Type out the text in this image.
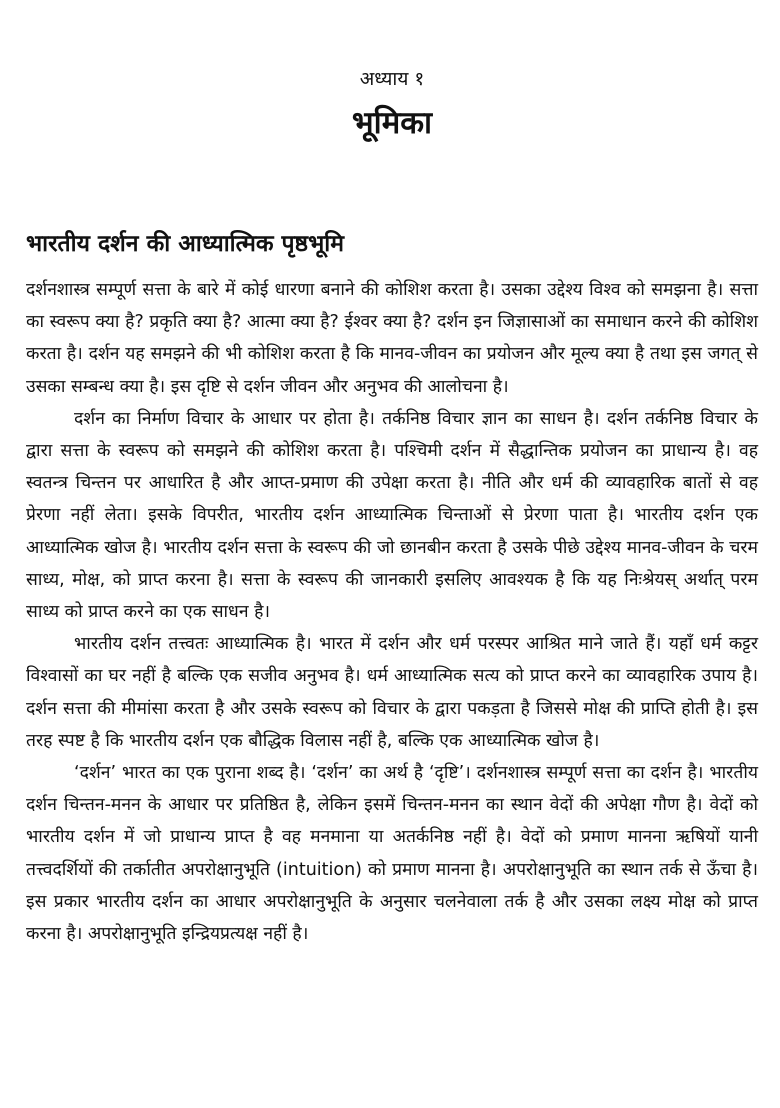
अध्याय १

भूमिका
भारतीय दर्शन की आध्यात्मिक पृष्ठभूमि

दर्शनशास्त्र सम्पूर्ण सत्ता के बारे में कोई धारणा बनाने की कोशिश करता है। उसका उद्देश्य विश्व को समझना है। सत्ता का स्वरूप क्या है? प्रकृति क्या है? आत्मा क्या है? ईश्वर क्या है? दर्शन इन जिज्ञासाओं का समाधान करने की कोशिश करता है। दर्शन यह समझने की भी कोशिश करता है कि मानव-जीवन का प्रयोजन और मूल्य क्या है तथा इस जगत् से उसका सम्बन्ध क्या है। इस दृष्टि से दर्शन जीवन और अनुभव की आलोचना है।

दर्शन का निर्माण विचार के आधार पर होता है। तर्कनिष्ठ विचार ज्ञान का साधन है। दर्शन तर्कनिष्ठ विचार के द्वारा सत्ता के स्वरूप को समझने की कोशिश करता है। पश्चिमी दर्शन में सैद्धान्तिक प्रयोजन का प्राधान्य है। वह स्वतन्त्र चिन्तन पर आधारित है और आप्त-प्रमाण की उपेक्षा करता है। नीति और धर्म की व्यावहारिक बातों से वह प्रेरणा नहीं लेता। इसके विपरीत, भारतीय दर्शन आध्यात्मिक चिन्ताओं से प्रेरणा पाता है। भारतीय दर्शन एक आध्यात्मिक खोज है। भारतीय दर्शन सत्ता के स्वरूप की जो छानबीन करता है उसके पीछे उद्देश्य मानव-जीवन के चरम साध्य, मोक्ष, को प्राप्त करना है। सत्ता के स्वरूप की जानकारी इसलिए आवश्यक है कि यह निःश्रेयस् अर्थात् परम साध्य को प्राप्त करने का एक साधन है।

भारतीय दर्शन तत्त्वतः आध्यात्मिक है। भारत में दर्शन और धर्म परस्पर आश्रित माने जाते हैं। यहाँ धर्म कट्टर विश्वासों का घर नहीं है बल्कि एक सजीव अनुभव है। धर्म आध्यात्मिक सत्य को प्राप्त करने का व्यावहारिक उपाय है। दर्शन सत्ता की मीमांसा करता है और उसके स्वरूप को विचार के द्वारा पकड़ता है जिससे मोक्ष की प्राप्ति होती है। इस तरह स्पष्ट है कि भारतीय दर्शन एक बौद्धिक विलास नहीं है, बल्कि एक आध्यात्मिक खोज है।

‘दर्शन’ भारत का एक पुराना शब्द है। ‘दर्शन’ का अर्थ है ‘दृष्टि’। दर्शनशास्त्र सम्पूर्ण सत्ता का दर्शन है। भारतीय दर्शन चिन्तन-मनन के आधार पर प्रतिष्ठित है, लेकिन इसमें चिन्तन-मनन का स्थान वेदों की अपेक्षा गौण है। वेदों को भारतीय दर्शन में जो प्राधान्य प्राप्त है वह मनमाना या अतर्कनिष्ठ नहीं है। वेदों को प्रमाण मानना ऋषियों यानी तत्त्वदर्शियों की तर्कातीत अपरोक्षानुभूति (intuition) को प्रमाण मानना है। अपरोक्षानुभूति का स्थान तर्क से ऊँचा है। इस प्रकार भारतीय दर्शन का आधार अपरोक्षानुभूति के अनुसार चलनेवाला तर्क है और उसका लक्ष्य मोक्ष को प्राप्त करना है। अपरोक्षानुभूति इन्द्रियप्रत्यक्ष नहीं है।
